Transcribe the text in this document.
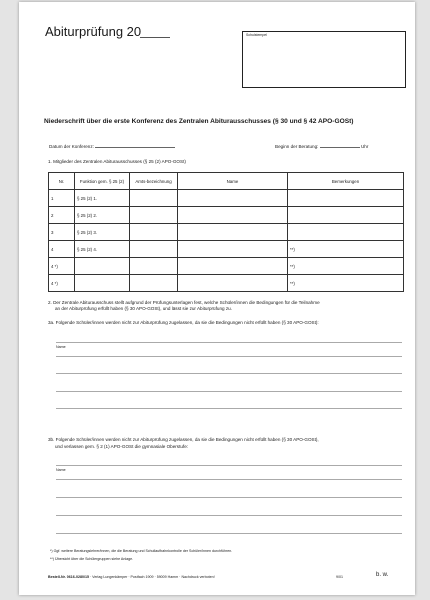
Abiturprüfung 20	Schulstempel
Niederschrift über die erste Konferenz des Zentralen Abiturausschusses (§ 30 und § 42 APO-GOSt)
Datum der Konferenz:	Beginn der Beratung:	Uhr
1. Mitglieder des Zentralen Abiturausschusses (§ 25 (2) APO-GOSt)
Nr.	Funktion gem. § 25 (2)	Amts-bezeichnung	Name	Bemerkungen
1	§ 25 (2) 1.			
2	§ 25 (2) 2.			
3	§ 25 (2) 3.			
4	§ 25 (2) 4.			**)
4 *)				**)
4 *)				**)
2. Der Zentrale Abiturausschuss stellt aufgrund der Prüfungsunterlagen fest, welche Schüler/innen die Bedingungen für die Teilnahme
an der Abiturprüfung erfüllt haben (§ 30 APO-GOSt), und lässt sie zur Abiturprüfung zu.
3a. Folgende Schüler/innen werden nicht zur Abiturprüfung zugelassen, da sie die Bedingungen nicht erfüllt haben (§ 30 APO-GOSt):
Name
3b. Folgende Schüler/innen werden nicht zur Abiturprüfung zugelassen, da sie die Bedingungen nicht erfüllt haben (§ 30 APO-GOSt),
und verlassen gem. § 2 (1) APO-GOSt die gymnasiale Oberstufe:
Name
*) Ggf. weitere Beratungslehrer/innen, die die Beratung und Schullaufbahnkontrolle der Schüler/innen durchführen.
**) Übersicht über die Schülergruppen siehe Anlage.
Bestell-Nr. 0616-0280/15 · Verlag Lungenkämper · Postfach 1909 · 59009 Hamm · Nachdruck verboten!	9/01	b. w.
